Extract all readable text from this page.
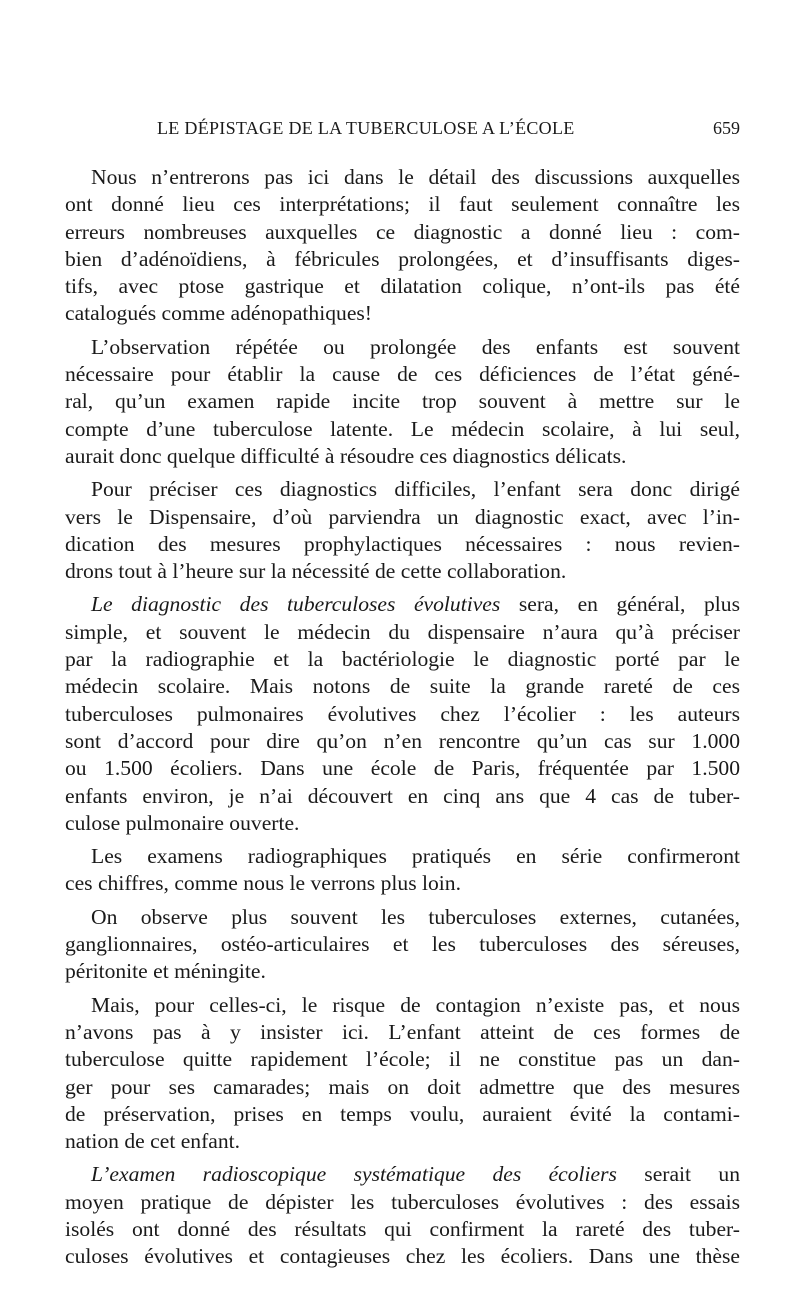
LE DÉPISTAGE DE LA TUBERCULOSE A L’ÉCOLE	659

Nous n’entrerons pas ici dans le détail des discussions auxquelles
ont donné lieu ces interprétations; il faut seulement connaître les
erreurs nombreuses auxquelles ce diagnostic a donné lieu : com-
bien d’adénoïdiens, à fébricules prolongées, et d’insuffisants diges-
tifs, avec ptose gastrique et dilatation colique, n’ont-ils pas été
catalogués comme adénopathiques!

L’observation répétée ou prolongée des enfants est souvent
nécessaire pour établir la cause de ces déficiences de l’état géné-
ral, qu’un examen rapide incite trop souvent à mettre sur le
compte d’une tuberculose latente. Le médecin scolaire, à lui seul,
aurait donc quelque difficulté à résoudre ces diagnostics délicats.

Pour préciser ces diagnostics difficiles, l’enfant sera donc dirigé
vers le Dispensaire, d’où parviendra un diagnostic exact, avec l’in-
dication des mesures prophylactiques nécessaires : nous revien-
drons tout à l’heure sur la nécessité de cette collaboration.

Le diagnostic des tuberculoses évolutives sera, en général, plus
simple, et souvent le médecin du dispensaire n’aura qu’à préciser
par la radiographie et la bactériologie le diagnostic porté par le
médecin scolaire. Mais notons de suite la grande rareté de ces
tuberculoses pulmonaires évolutives chez l’écolier : les auteurs
sont d’accord pour dire qu’on n’en rencontre qu’un cas sur 1.000
ou 1.500 écoliers. Dans une école de Paris, fréquentée par 1.500
enfants environ, je n’ai découvert en cinq ans que 4 cas de tuber-
culose pulmonaire ouverte.

Les examens radiographiques pratiqués en série confirmeront
ces chiffres, comme nous le verrons plus loin.

On observe plus souvent les tuberculoses externes, cutanées,
ganglionnaires, ostéo-articulaires et les tuberculoses des séreuses,
péritonite et méningite.

Mais, pour celles-ci, le risque de contagion n’existe pas, et nous
n’avons pas à y insister ici. L’enfant atteint de ces formes de
tuberculose quitte rapidement l’école; il ne constitue pas un dan-
ger pour ses camarades; mais on doit admettre que des mesures
de préservation, prises en temps voulu, auraient évité la contami-
nation de cet enfant.

L’examen radioscopique systématique des écoliers serait un
moyen pratique de dépister les tuberculoses évolutives : des essais
isolés ont donné des résultats qui confirment la rareté des tuber-
culoses évolutives et contagieuses chez les écoliers. Dans une thèse
